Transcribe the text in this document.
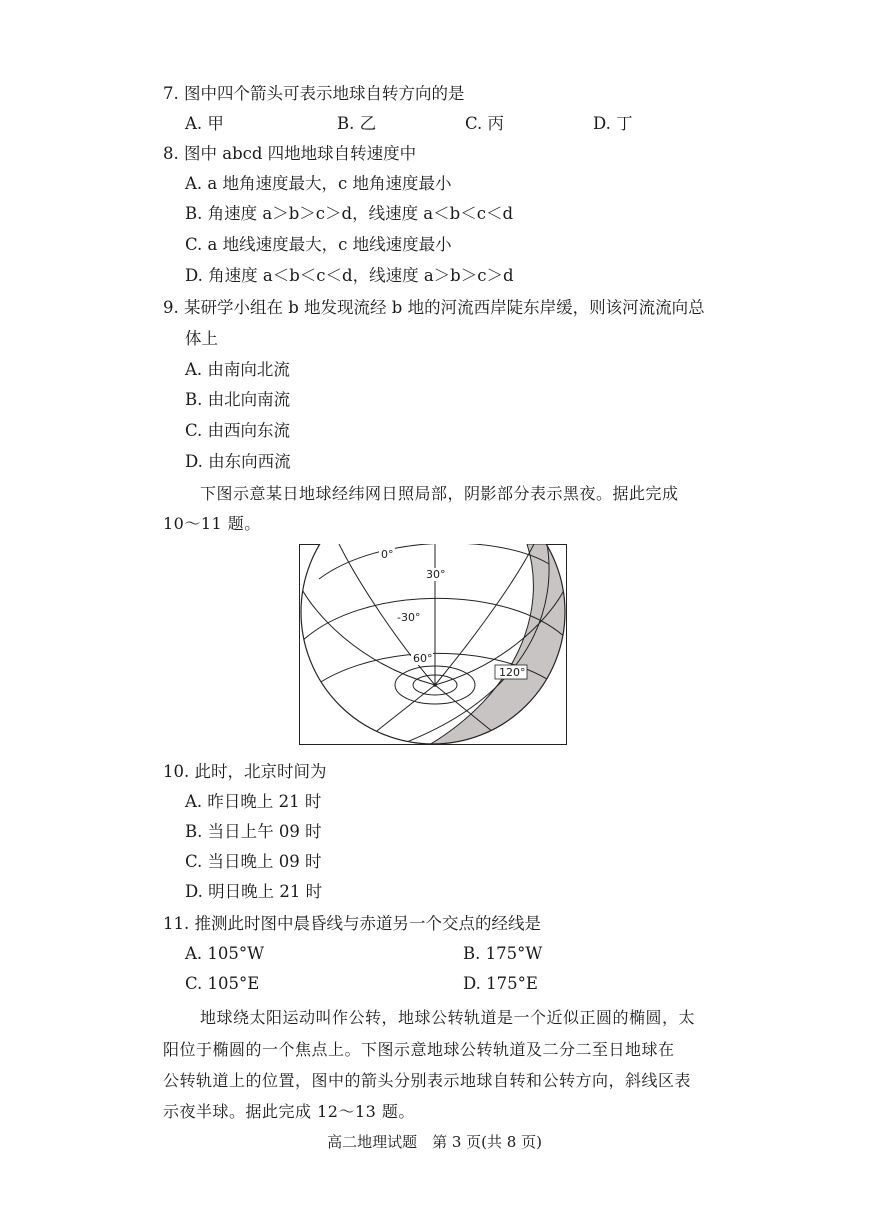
7. 图中四个箭头可表示地球自转方向的是
A. 甲	B. 乙	C. 丙	D. 丁
8. 图中 abcd 四地地球自转速度中
A. a 地角速度最大，c 地角速度最小
B. 角速度 a＞b＞c＞d，线速度 a＜b＜c＜d
C. a 地线速度最大，c 地线速度最小
D. 角速度 a＜b＜c＜d，线速度 a＞b＞c＞d
9. 某研学小组在 b 地发现流经 b 地的河流西岸陡东岸缓，则该河流流向总
体上
A. 由南向北流
B. 由北向南流
C. 由西向东流
D. 由东向西流
下图示意某日地球经纬网日照局部，阴影部分表示黑夜。据此完成
10～11 题。
0°
30°
-30°
60°
120°
10. 此时，北京时间为
A. 昨日晚上 21 时
B. 当日上午 09 时
C. 当日晚上 09 时
D. 明日晚上 21 时
11. 推测此时图中晨昏线与赤道另一个交点的经线是
A. 105°W	B. 175°W
C. 105°E	D. 175°E
地球绕太阳运动叫作公转，地球公转轨道是一个近似正圆的椭圆，太
阳位于椭圆的一个焦点上。下图示意地球公转轨道及二分二至日地球在
公转轨道上的位置，图中的箭头分别表示地球自转和公转方向，斜线区表
示夜半球。据此完成 12～13 题。
高二地理试题　第 3 页(共 8 页)
